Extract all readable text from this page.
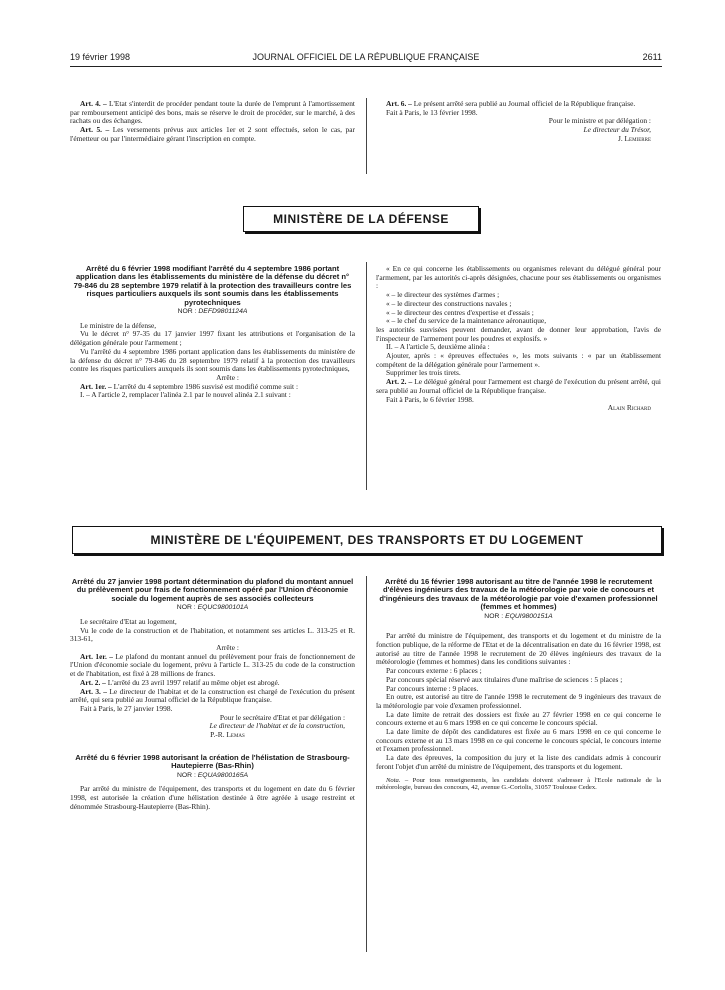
19 février 1998	JOURNAL OFFICIEL DE LA RÉPUBLIQUE FRANÇAISE	2611

Art. 4. – L'Etat s'interdit de procéder pendant toute la durée de l'emprunt à l'amortissement par remboursement anticipé des bons, mais se réserve le droit de procéder, sur le marché, à des rachats ou des échanges.

Art. 5. – Les versements prévus aux articles 1er et 2 sont effectués, selon le cas, par l'émetteur ou par l'intermédiaire gérant l'inscription en compte.

Art. 6. – Le présent arrêté sera publié au Journal officiel de la République française.

Fait à Paris, le 13 février 1998.

Pour le ministre et par délégation :

Le directeur du Trésor,

J. Lemierre

MINISTÈRE DE LA DÉFENSE

Arrêté du 6 février 1998 modifiant l'arrêté du 4 septembre 1986 portant application dans les établissements du ministère de la défense du décret n° 79-846 du 28 septembre 1979 relatif à la protection des travailleurs contre les risques particuliers auxquels ils sont soumis dans les établissements pyrotechniques

NOR : DEFD9801124A

Le ministre de la défense,

Vu le décret n° 97-35 du 17 janvier 1997 fixant les attributions et l'organisation de la délégation générale pour l'armement ;

Vu l'arrêté du 4 septembre 1986 portant application dans les établissements du ministère de la défense du décret n° 79-846 du 28 septembre 1979 relatif à la protection des travailleurs contre les risques particuliers auxquels ils sont soumis dans les établissements pyrotechniques,

Arrête :

Art. 1er. – L'arrêté du 4 septembre 1986 susvisé est modifié comme suit :

I. – A l'article 2, remplacer l'alinéa 2.1 par le nouvel alinéa 2.1 suivant :

« En ce qui concerne les établissements ou organismes relevant du délégué général pour l'armement, par les autorités ci-après désignées, chacune pour ses établissements ou organismes :

« – le directeur des systèmes d'armes ;

« – le directeur des constructions navales ;

« – le directeur des centres d'expertise et d'essais ;

« – le chef du service de la maintenance aéronautique,

les autorités susvisées peuvent demander, avant de donner leur approbation, l'avis de l'inspecteur de l'armement pour les poudres et explosifs. »

II. – A l'article 5, deuxième alinéa :

Ajouter, après : « épreuves effectuées », les mots suivants : « par un établissement compétent de la délégation générale pour l'armement ».

Supprimer les trois tirets.

Art. 2. – Le délégué général pour l'armement est chargé de l'exécution du présent arrêté, qui sera publié au Journal officiel de la République française.

Fait à Paris, le 6 février 1998.

Alain Richard

MINISTÈRE DE L'ÉQUIPEMENT, DES TRANSPORTS ET DU LOGEMENT

Arrêté du 27 janvier 1998 portant détermination du plafond du montant annuel du prélèvement pour frais de fonctionnement opéré par l'Union d'économie sociale du logement auprès de ses associés collecteurs

NOR : EQUC9800101A

Le secrétaire d'Etat au logement,

Vu le code de la construction et de l'habitation, et notamment ses articles L. 313-25 et R. 313-61,

Arrête :

Art. 1er. – Le plafond du montant annuel du prélèvement pour frais de fonctionnement de l'Union d'économie sociale du logement, prévu à l'article L. 313-25 du code de la construction et de l'habitation, est fixé à 28 millions de francs.

Art. 2. – L'arrêté du 23 avril 1997 relatif au même objet est abrogé.

Art. 3. – Le directeur de l'habitat et de la construction est chargé de l'exécution du présent arrêté, qui sera publié au Journal officiel de la République française.

Fait à Paris, le 27 janvier 1998.

Pour le secrétaire d'Etat et par délégation :

Le directeur de l'habitat et de la construction,

P.-R. Lemas

Arrêté du 6 février 1998 autorisant la création de l'hélistation de Strasbourg-Hautepierre (Bas-Rhin)

NOR : EQUA9800165A

Par arrêté du ministre de l'équipement, des transports et du logement en date du 6 février 1998, est autorisée la création d'une hélistation destinée à être agréée à usage restreint et dénommée Strasbourg-Hautepierre (Bas-Rhin).

Arrêté du 16 février 1998 autorisant au titre de l'année 1998 le recrutement d'élèves ingénieurs des travaux de la météorologie par voie de concours et d'ingénieurs des travaux de la météorologie par voie d'examen professionnel (femmes et hommes)

NOR : EQUI9800151A

Par arrêté du ministre de l'équipement, des transports et du logement et du ministre de la fonction publique, de la réforme de l'Etat et de la décentralisation en date du 16 février 1998, est autorisé au titre de l'année 1998 le recrutement de 20 élèves ingénieurs des travaux de la météorologie (femmes et hommes) dans les conditions suivantes :

Par concours externe : 6 places ;

Par concours spécial réservé aux titulaires d'une maîtrise de sciences : 5 places ;

Par concours interne : 9 places.

En outre, est autorisé au titre de l'année 1998 le recrutement de 9 ingénieurs des travaux de la météorologie par voie d'examen professionnel.

La date limite de retrait des dossiers est fixée au 27 février 1998 en ce qui concerne le concours externe et au 6 mars 1998 en ce qui concerne le concours spécial.

La date limite de dépôt des candidatures est fixée au 6 mars 1998 en ce qui concerne le concours externe et au 13 mars 1998 en ce qui concerne le concours spécial, le concours interne et l'examen professionnel.

La date des épreuves, la composition du jury et la liste des candidats admis à concourir feront l'objet d'un arrêté du ministre de l'équipement, des transports et du logement.

Nota. – Pour tous renseignements, les candidats doivent s'adresser à l'Ecole nationale de la météorologie, bureau des concours, 42, avenue G.-Coriolis, 31057 Toulouse Cedex.
